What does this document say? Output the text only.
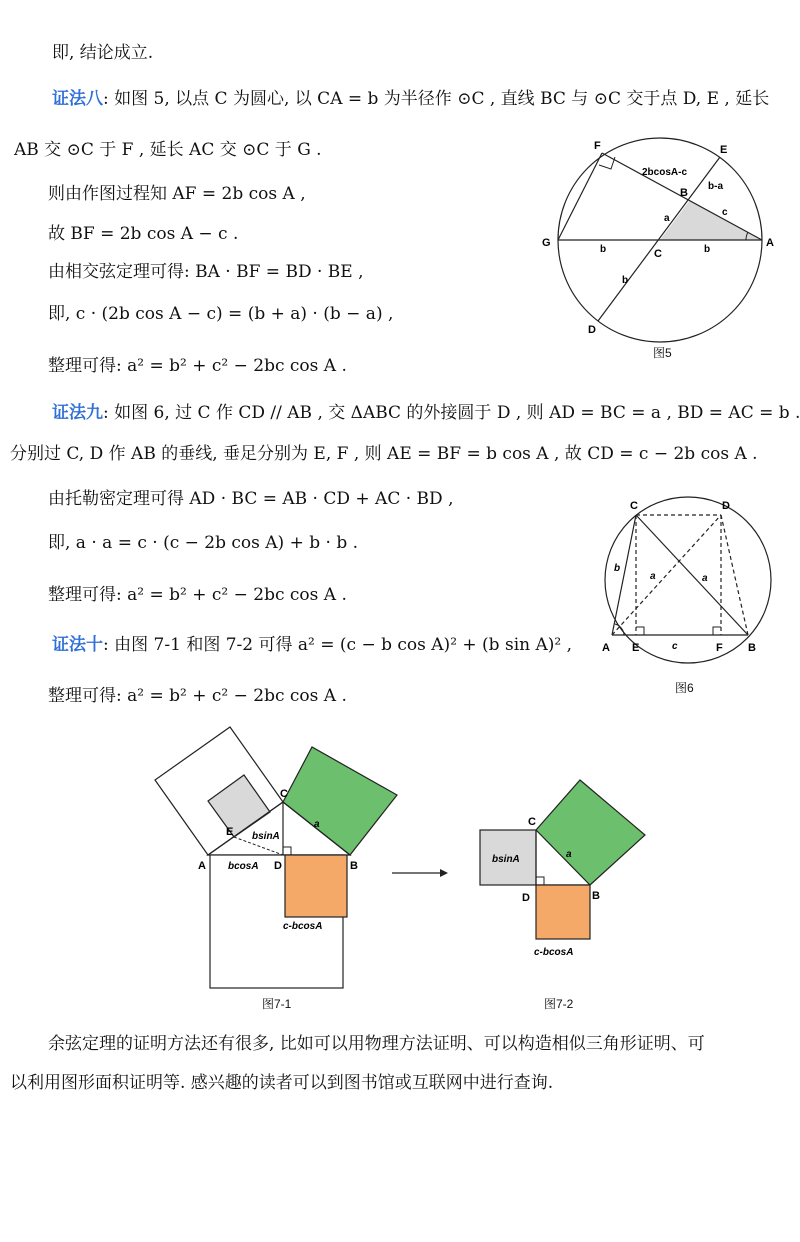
即, 结论成立.
证法八: 如图 5, 以点 C 为圆心, 以 CA = b 为半径作 ⊙C , 直线 BC 与 ⊙C 交于点 D, E , 延长
AB 交 ⊙C 于 F , 延长 AC 交 ⊙C 于 G .
则由作图过程知 AF = 2b cos A ,
故 BF = 2b cos A − c .
由相交弦定理可得: BA · BF = BD · BE ,
即, c · (2b cos A − c) = (b + a) · (b − a) ,
整理可得: a² = b² + c² − 2bc cos A .
证法九: 如图 6, 过 C 作 CD // AB , 交 ΔABC 的外接圆于 D , 则 AD = BC = a , BD = AC = b .
分别过 C, D 作 AB 的垂线, 垂足分别为 E, F , 则 AE = BF = b cos A , 故 CD = c − 2b cos A .
由托勒密定理可得 AD · BC = AB · CD + AC · BD ,
即, a · a = c · (c − 2b cos A) + b · b .
整理可得: a² = b² + c² − 2bc cos A .
证法十: 由图 7-1 和图 7-2 可得 a² = (c − b cos A)² + (b sin A)² ,
整理可得: a² = b² + c² − 2bc cos A .
余弦定理的证明方法还有很多, 比如可以用物理方法证明、可以构造相似三角形证明、可
以利用图形面积证明等. 感兴趣的读者可以到图书馆或互联网中进行查询.
F	E
B
G
C
A
D
2bcosA-c
b-a
c
a
b	b
b
图5
C	D
A E	F B
b
a	a
c
图6
C
A
E
D	B
a
bsinA
bcosA
c-bcosA
图7-1
C
D	B
a
bsinA
c-bcosA
图7-2
